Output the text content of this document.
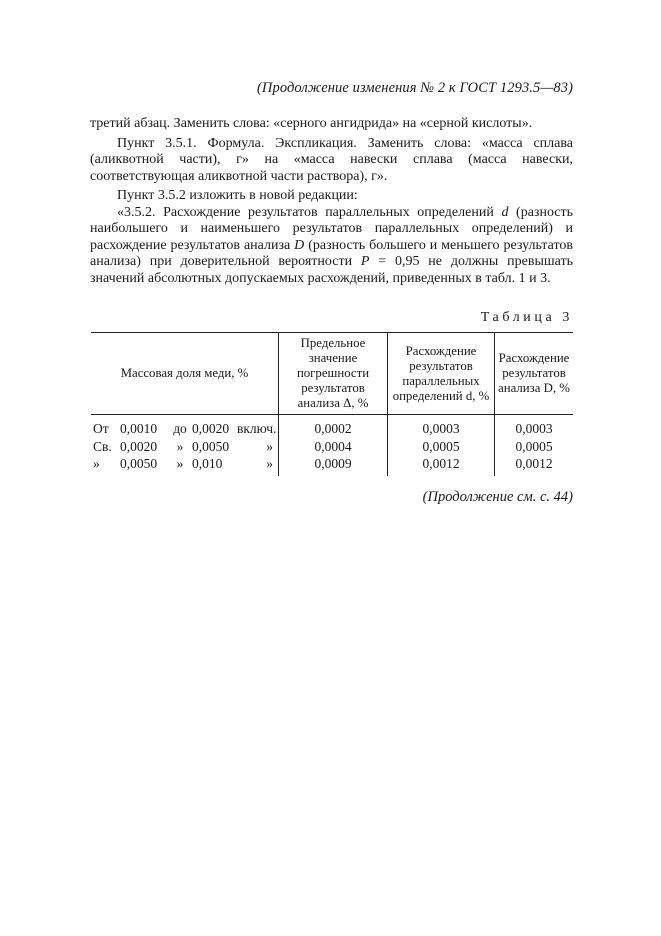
(Продолжение изменения № 2 к ГОСТ 1293.5—83)

третий абзац. Заменить слова: «серного ангидрида» на «серной кислоты».

Пункт 3.5.1. Формула. Экспликация. Заменить слова: «масса сплава (аликвотной части), г» на «масса навески сплава (масса навески, соответствующая аликвотной части раствора), г».

Пункт 3.5.2 изложить в новой редакции:

«3.5.2. Расхождение результатов параллельных определений d (разность наибольшего и наименьшего результатов параллельных определений) и расхождение результатов анализа D (разность большего и меньшего результатов анализа) при доверительной вероятности P = 0,95 не должны превышать значений абсолютных допускаемых расхождений, приведенных в табл. 1 и 3.

Таблица 3
Массовая доля меди, %	Предельное значение погрешности результатов анализа Δ, %	Расхождение результатов параллельных определений d, %	Расхождение результатов анализа D, %

От 0,0010 до 0,0020 включ.	0,0002	0,0003	0,0003

Св. 0,0020 » 0,0050 »	0,0004	0,0005	0,0005

» 0,0050 » 0,010 »	0,0009	0,0012	0,0012
(Продолжение см. с. 44)
